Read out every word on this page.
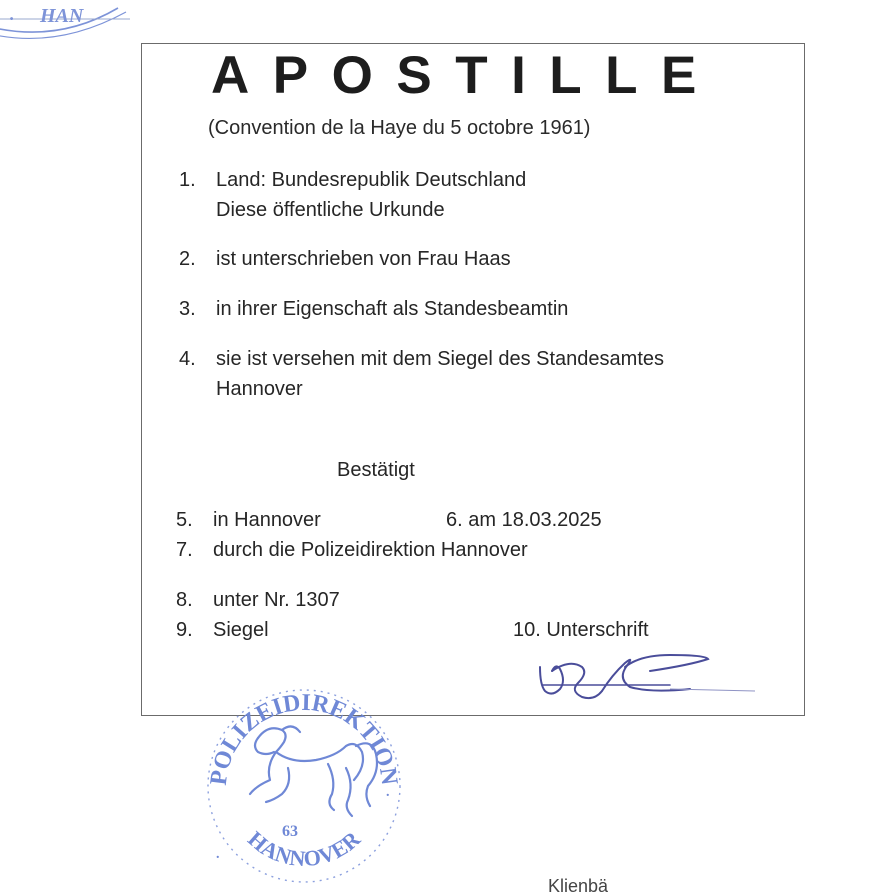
. HAN
APOSTILLE
(Convention de la Haye du 5 octobre 1961)
1. Land: Bundesrepublik Deutschland
Diese öffentliche Urkunde
2. ist unterschrieben von Frau Haas
3. in ihrer Eigenschaft als Standesbeamtin
4. sie ist versehen mit dem Siegel des Standesamtes
Hannover
Bestätigt
5. in Hannover	6. am 18.03.2025
7. durch die Polizeidirektion Hannover
8. unter Nr. 1307
9. Siegel	10. Unterschrift
POLIZEIDIREKTION
HANNOVER
63
.
.
Klienbä
